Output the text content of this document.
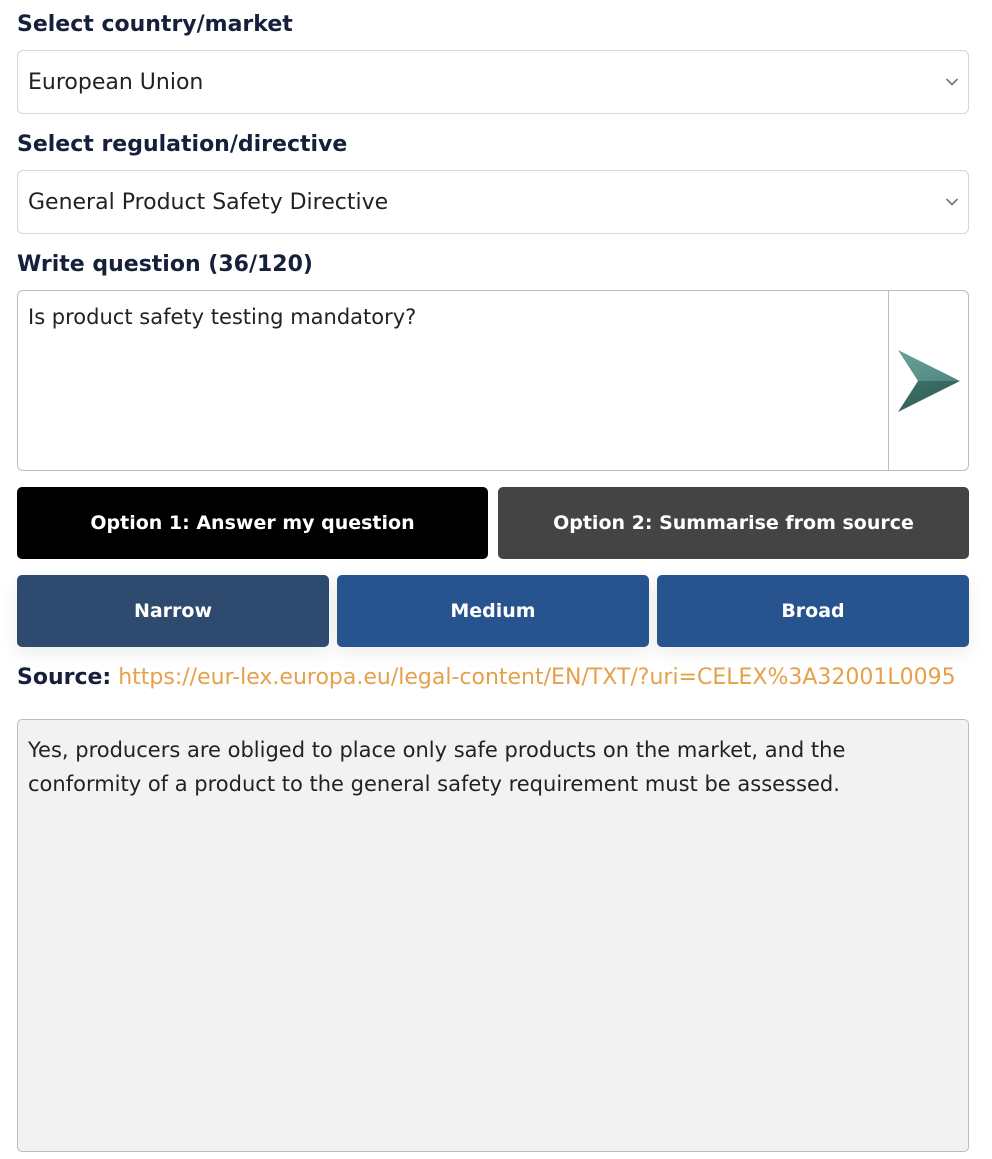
Select country/market
European Union
Select regulation/directive
General Product Safety Directive
Write question (36/120)
Is product safety testing mandatory?
Option 1: Answer my question	Option 2: Summarise from source
Narrow	Medium	Broad
Source: https://eur-lex.europa.eu/legal-content/EN/TXT/?uri=CELEX%3A32001L0095
Yes, producers are obliged to place only safe products on the market, and the conformity of a product to the general safety requirement must be assessed.
